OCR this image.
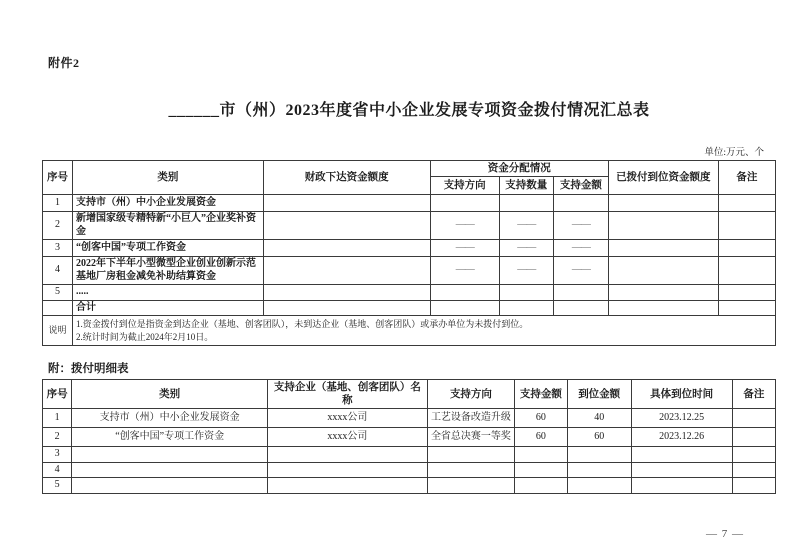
附件2
______市（州）2023年度省中小企业发展专项资金拨付情况汇总表
单位:万元、个
序号	类别	财政下达资金额度	资金分配情况			已拨付到位资金额度	备注
			支持方向	支持数量	支持金额		
1	支持市（州）中小企业发展资金						
2	新增国家级专精特新“小巨人”企业奖补资金		——	——	——		
3	“创客中国”专项工作资金		——	——	——		
4	2022年下半年小型微型企业创业创新示范基地厂房租金减免补助结算资金		——	——	——		
5	.....						
	合计						
说明	1.资金拨付到位是指资金到达企业（基地、创客团队），未到达企业（基地、创客团队）或承办单位为未拨付到位。
2.统计时间为截止2024年2月10日。						
附：拨付明细表
序号	类别	支持企业（基地、创客团队）名称	支持方向	支持金额	到位金额	具体到位时间	备注
1	支持市（州）中小企业发展资金	xxxx公司	工艺设备改造升级	60	40	2023.12.25	
2	“创客中国”专项工作资金	xxxx公司	全省总决赛一等奖	60	60	2023.12.26	
3							
4							
5							
— 7 —
